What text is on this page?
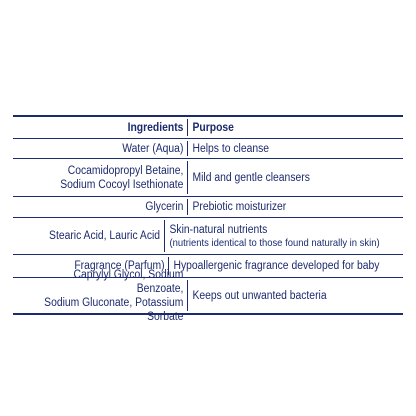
Ingredients Purpose
Water (Aqua) Helps to cleanse
Cocamidopropyl Betaine,
Sodium Cocoyl Isethionate
Mild and gentle cleansers
Glycerin Prebiotic moisturizer
Stearic Acid, Lauric Acid
Skin-natural nutrients
(nutrients identical to those found naturally in skin)
Fragrance (Parfum) Hypoallergenic fragrance developed for baby
Caprylyl Glycol, Sodium Benzoate,
Sodium Gluconate, Potassium Sorbate
Keeps out unwanted bacteria
